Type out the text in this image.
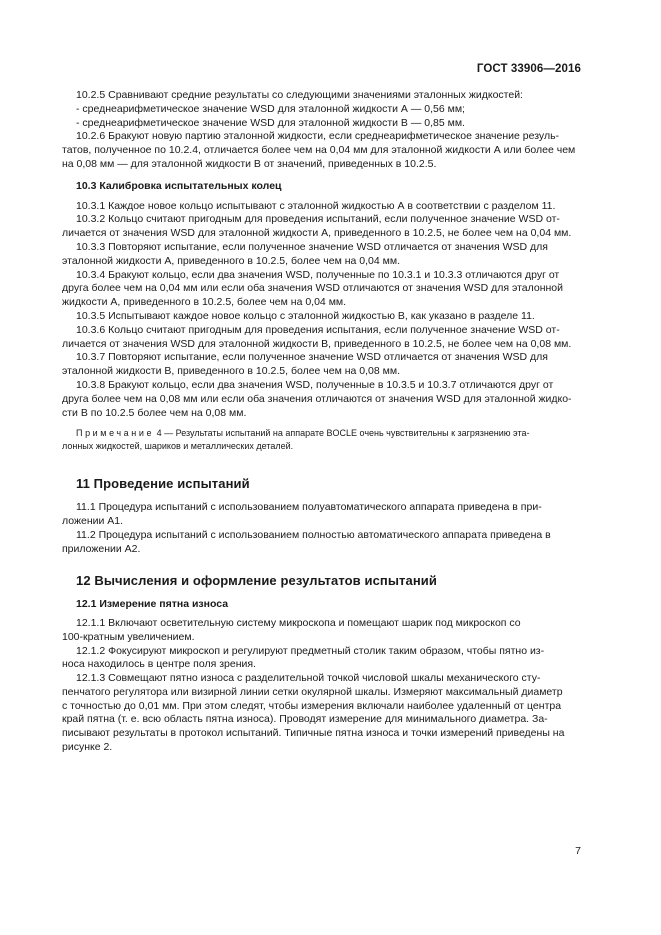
ГОСТ 33906—2016

10.2.5 Сравнивают средние результаты со следующими значениями эталонных жидкостей:

- среднеарифметическое значение WSD для эталонной жидкости А — 0,56 мм;

- среднеарифметическое значение WSD для эталонной жидкости В — 0,85 мм.

10.2.6 Бракуют новую партию эталонной жидкости, если среднеарифметическое значение резуль-

татов, полученное по 10.2.4, отличается более чем на 0,04 мм для эталонной жидкости А или более чем

на 0,08 мм — для эталонной жидкости В от значений, приведенных в 10.2.5.

10.3 Калибровка испытательных колец

10.3.1 Каждое новое кольцо испытывают с эталонной жидкостью А в соответствии с разделом 11.

10.3.2 Кольцо считают пригодным для проведения испытаний, если полученное значение WSD от-

личается от значения WSD для эталонной жидкости А, приведенного в 10.2.5, не более чем на 0,04 мм.

10.3.3 Повторяют испытание, если полученное значение WSD отличается от значения WSD для

эталонной жидкости А, приведенного в 10.2.5, более чем на 0,04 мм.

10.3.4 Бракуют кольцо, если два значения WSD, полученные по 10.3.1 и 10.3.3 отличаются друг от

друга более чем на 0,04 мм или если оба значения WSD отличаются от значения WSD для эталонной

жидкости А, приведенного в 10.2.5, более чем на 0,04 мм.

10.3.5 Испытывают каждое новое кольцо с эталонной жидкостью В, как указано в разделе 11.

10.3.6 Кольцо считают пригодным для проведения испытания, если полученное значение WSD от-

личается от значения WSD для эталонной жидкости В, приведенного в 10.2.5, не более чем на 0,08 мм.

10.3.7 Повторяют испытание, если полученное значение WSD отличается от значения WSD для

эталонной жидкости В, приведенного в 10.2.5, более чем на 0,08 мм.

10.3.8 Бракуют кольцо, если два значения WSD, полученные в 10.3.5 и 10.3.7 отличаются друг от

друга более чем на 0,08 мм или если оба значения отличаются от значения WSD для эталонной жидко-

сти В по 10.2.5 более чем на 0,08 мм.

Примечание 4 — Результаты испытаний на аппарате BOCLE очень чувствительны к загрязнению эта-

лонных жидкостей, шариков и металлических деталей.

11 Проведение испытаний

11.1 Процедура испытаний с использованием полуавтоматического аппарата приведена в при-

ложении А1.

11.2 Процедура испытаний с использованием полностью автоматического аппарата приведена в

приложении А2.

12 Вычисления и оформление результатов испытаний

12.1 Измерение пятна износа

12.1.1 Включают осветительную систему микроскопа и помещают шарик под микроскоп со

100-кратным увеличением.

12.1.2 Фокусируют микроскоп и регулируют предметный столик таким образом, чтобы пятно из-

носа находилось в центре поля зрения.

12.1.3 Совмещают пятно износа с разделительной точкой числовой шкалы механического сту-

пенчатого регулятора или визирной линии сетки окулярной шкалы. Измеряют максимальный диаметр

с точностью до 0,01 мм. При этом следят, чтобы измерения включали наиболее удаленный от центра

край пятна (т. е. всю область пятна износа). Проводят измерение для минимального диаметра. За-

писывают результаты в протокол испытаний. Типичные пятна износа и точки измерений приведены на

рисунке 2.

7
